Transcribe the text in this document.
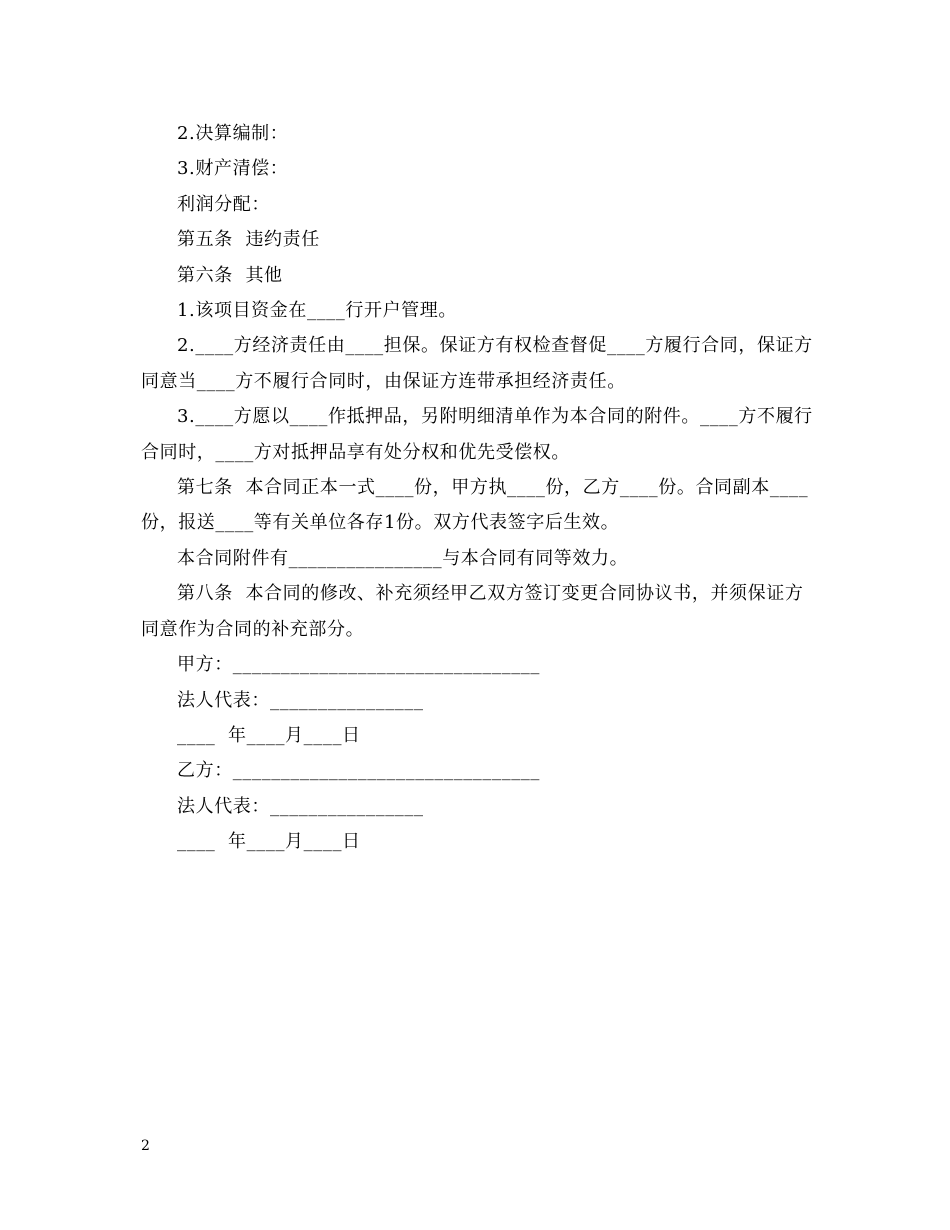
2.决算编制：

3.财产清偿：

利润分配：

第五条  违约责任

第六条  其他

1.该项目资金在____行开户管理。

2.____方经济责任由____担保。保证方有权检查督促____方履行合同，保证方同意当____方不履行合同时，由保证方连带承担经济责任。

3.____方愿以____作抵押品，另附明细清单作为本合同的附件。____方不履行合同时，____方对抵押品享有处分权和优先受偿权。

第七条  本合同正本一式____份，甲方执____份，乙方____份。合同副本____份，报送____等有关单位各存1份。双方代表签字后生效。

本合同附件有________________与本合同有同等效力。

第八条  本合同的修改、补充须经甲乙双方签订变更合同协议书，并须保证方同意作为合同的补充部分。

甲方：________________________________

法人代表：________________

____  年____月____日

乙方：________________________________

法人代表：________________

____  年____月____日

2
